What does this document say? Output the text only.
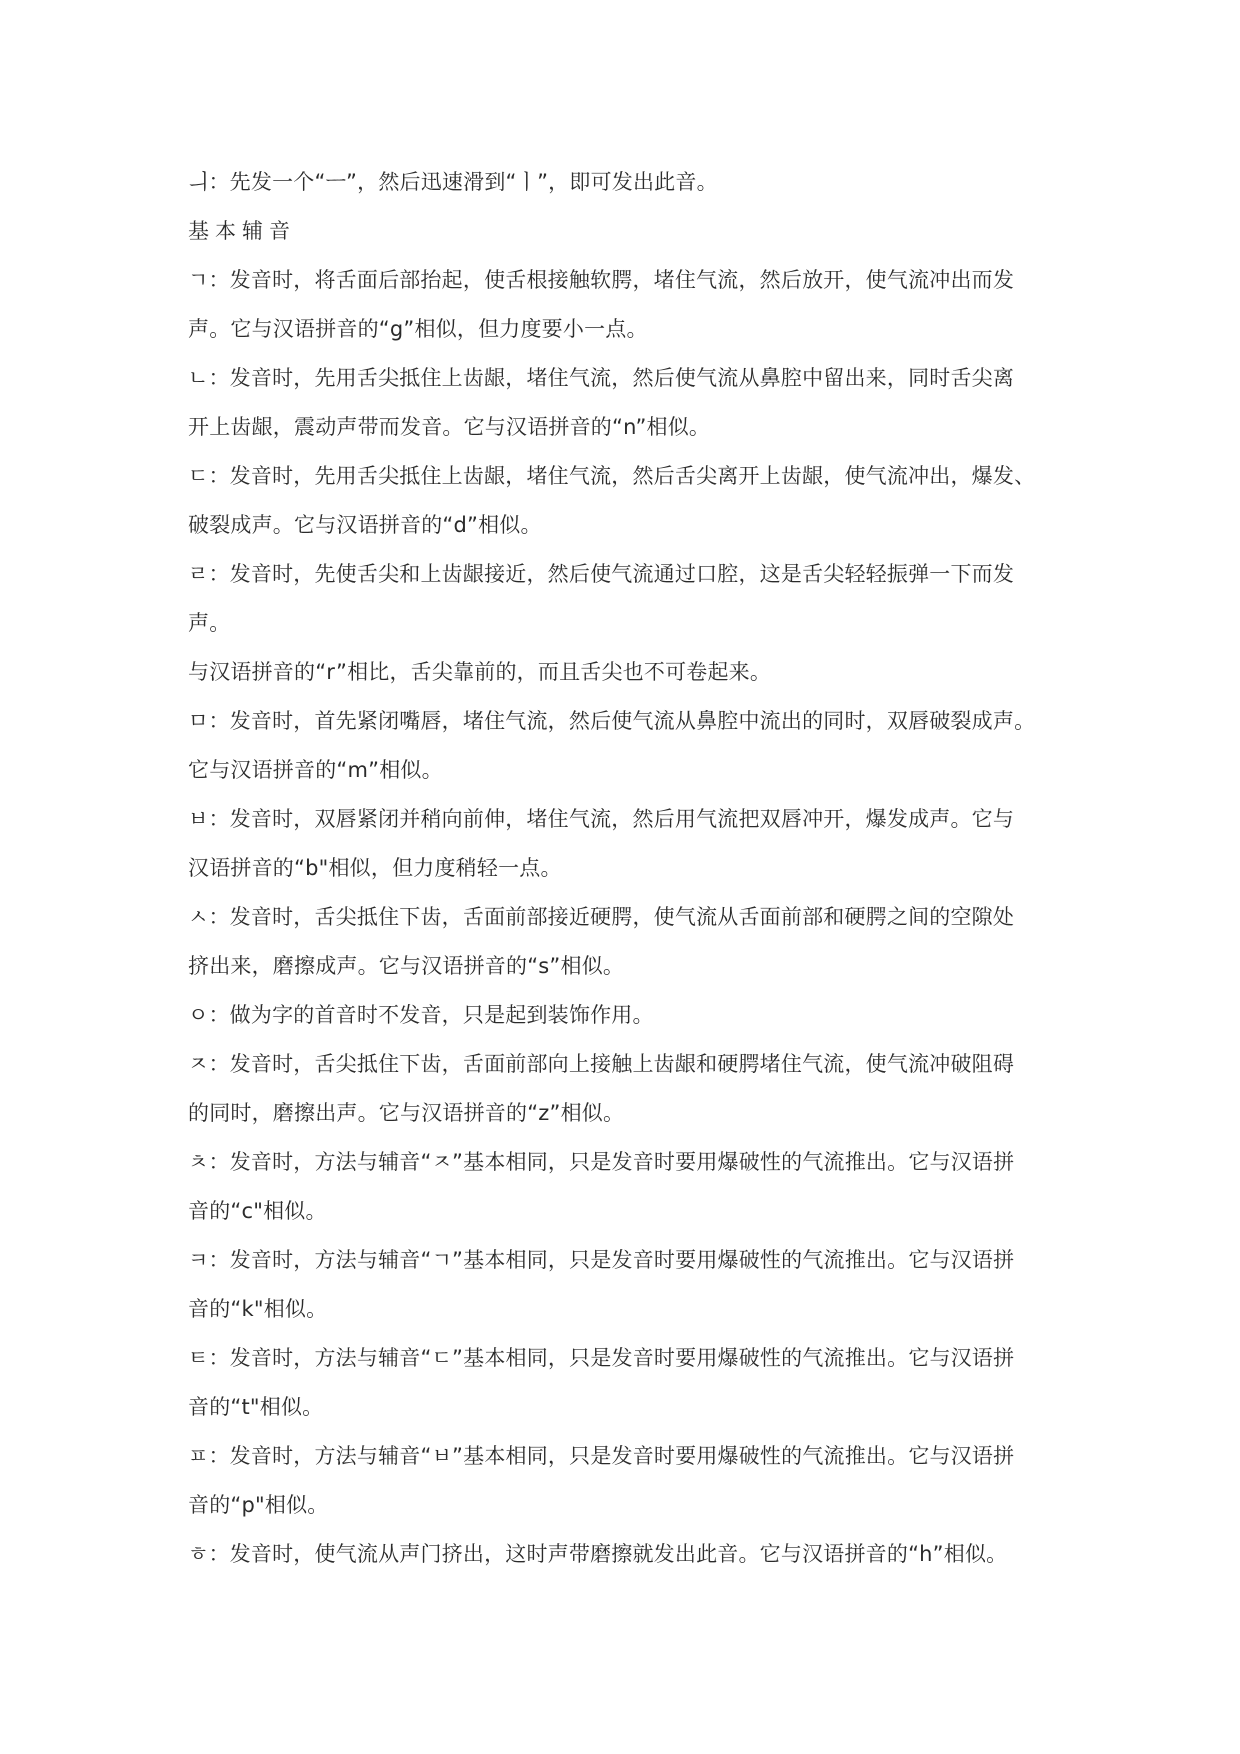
ㅢ：先发一个“ㅡ”，然后迅速滑到“ㅣ”，即可发出此音。
基本辅音
ㄱ：发音时，将舌面后部抬起，使舌根接触软腭，堵住气流，然后放开，使气流冲出而发
声。它与汉语拼音的“g”相似，但力度要小一点。
ㄴ：发音时，先用舌尖抵住上齿龈，堵住气流，然后使气流从鼻腔中留出来，同时舌尖离
开上齿龈，震动声带而发音。它与汉语拼音的“n”相似。
ㄷ：发音时，先用舌尖抵住上齿龈，堵住气流，然后舌尖离开上齿龈，使气流冲出，爆发、
破裂成声。它与汉语拼音的“d”相似。
ㄹ：发音时，先使舌尖和上齿龈接近，然后使气流通过口腔，这是舌尖轻轻振弹一下而发
声。
与汉语拼音的“r”相比，舌尖靠前的，而且舌尖也不可卷起来。
ㅁ：发音时，首先紧闭嘴唇，堵住气流，然后使气流从鼻腔中流出的同时，双唇破裂成声。
它与汉语拼音的“m”相似。
ㅂ：发音时，双唇紧闭并稍向前伸，堵住气流，然后用气流把双唇冲开，爆发成声。它与
汉语拼音的“b"相似，但力度稍轻一点。
ㅅ：发音时，舌尖抵住下齿，舌面前部接近硬腭，使气流从舌面前部和硬腭之间的空隙处
挤出来，磨擦成声。它与汉语拼音的“s”相似。
ㅇ：做为字的首音时不发音，只是起到装饰作用。
ㅈ：发音时，舌尖抵住下齿，舌面前部向上接触上齿龈和硬腭堵住气流，使气流冲破阻碍
的同时，磨擦出声。它与汉语拼音的“z”相似。
ㅊ：发音时，方法与辅音“ㅈ”基本相同，只是发音时要用爆破性的气流推出。它与汉语拼
音的“c"相似。
ㅋ：发音时，方法与辅音“ㄱ”基本相同，只是发音时要用爆破性的气流推出。它与汉语拼
音的“k"相似。
ㅌ：发音时，方法与辅音“ㄷ”基本相同，只是发音时要用爆破性的气流推出。它与汉语拼
音的“t"相似。
ㅍ：发音时，方法与辅音“ㅂ”基本相同，只是发音时要用爆破性的气流推出。它与汉语拼
音的“p"相似。
ㅎ：发音时，使气流从声门挤出，这时声带磨擦就发出此音。它与汉语拼音的“h”相似。
